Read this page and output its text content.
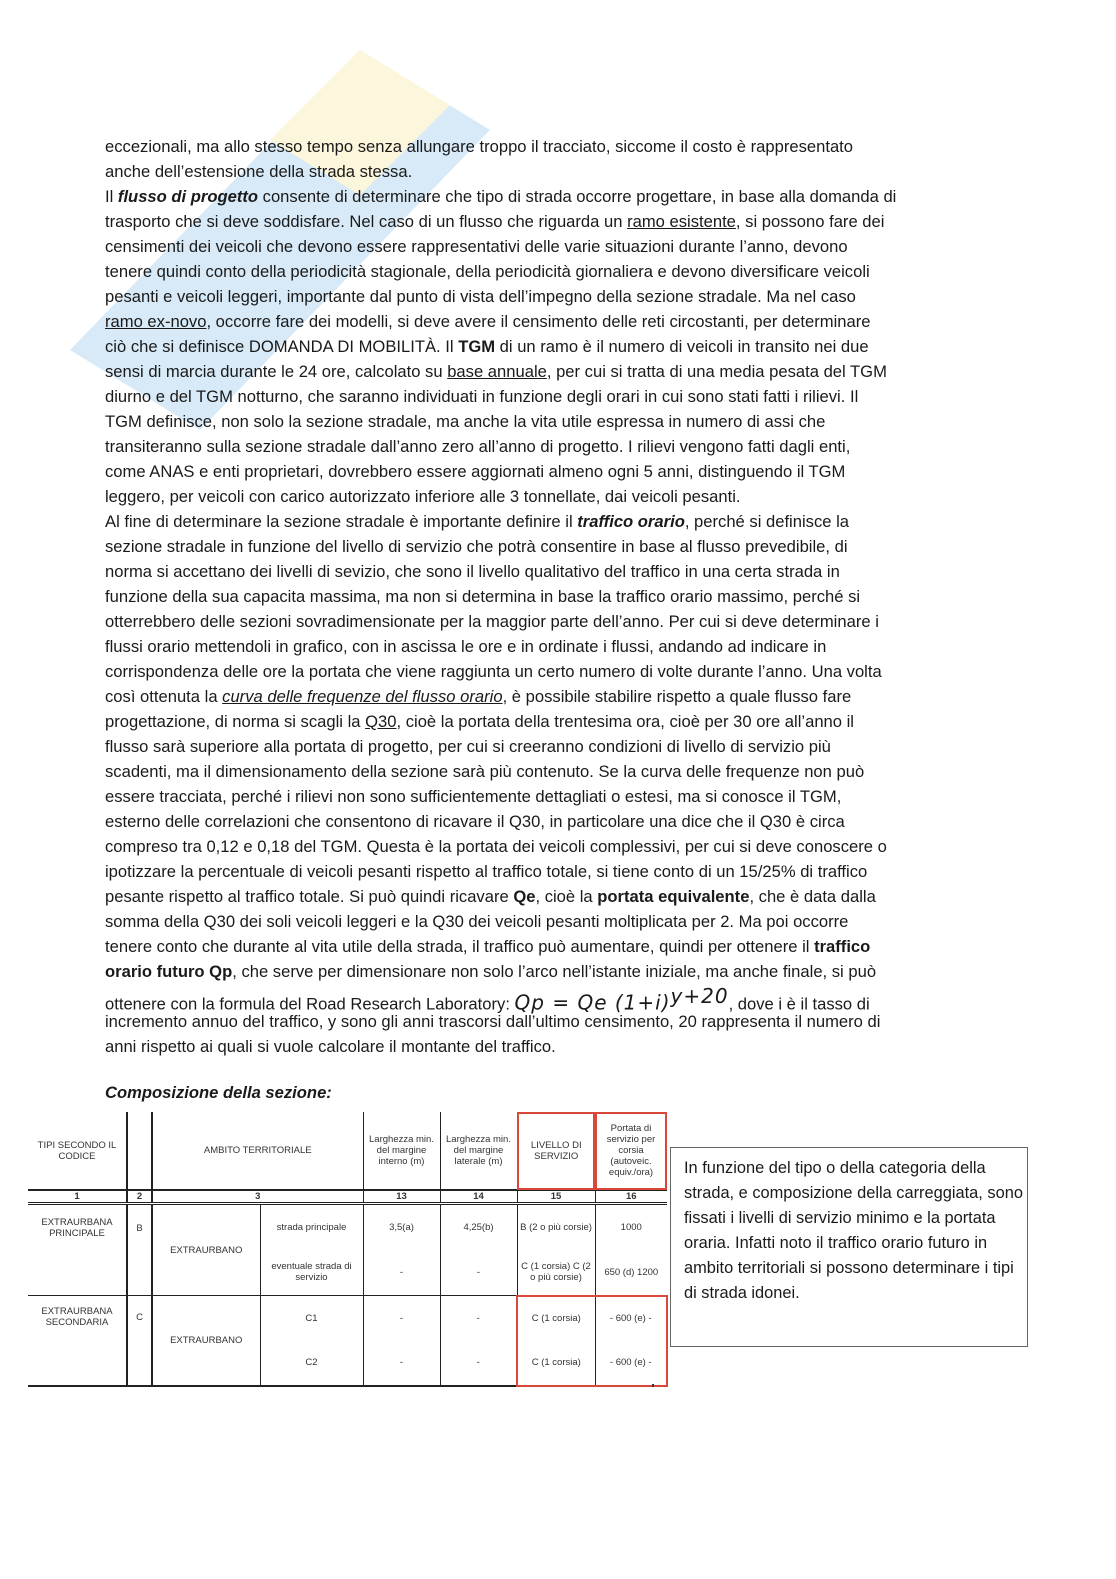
eccezionali, ma allo stesso tempo senza allungare troppo il tracciato, siccome il costo è rappresentato
anche dell’estensione della strada stessa.
Il flusso di progetto consente di determinare che tipo di strada occorre progettare, in base alla domanda di
trasporto che si deve soddisfare. Nel caso di un flusso che riguarda un ramo esistente, si possono fare dei
censimenti dei veicoli che devono essere rappresentativi delle varie situazioni durante l’anno, devono
tenere quindi conto della periodicità stagionale, della periodicità giornaliera e devono diversificare veicoli
pesanti e veicoli leggeri, importante dal punto di vista dell’impegno della sezione stradale. Ma nel caso
ramo ex-novo, occorre fare dei modelli, si deve avere il censimento delle reti circostanti, per determinare
ciò che si definisce DOMANDA DI MOBILITÀ. Il TGM di un ramo è il numero di veicoli in transito nei due
sensi di marcia durante le 24 ore, calcolato su base annuale, per cui si tratta di una media pesata del TGM
diurno e del TGM notturno, che saranno individuati in funzione degli orari in cui sono stati fatti i rilievi. Il
TGM definisce, non solo la sezione stradale, ma anche la vita utile espressa in numero di assi che
transiteranno sulla sezione stradale dall’anno zero all’anno di progetto. I rilievi vengono fatti dagli enti,
come ANAS e enti proprietari, dovrebbero essere aggiornati almeno ogni 5 anni, distinguendo il TGM
leggero, per veicoli con carico autorizzato inferiore alle 3 tonnellate, dai veicoli pesanti.
Al fine di determinare la sezione stradale è importante definire il traffico orario, perché si definisce la
sezione stradale in funzione del livello di servizio che potrà consentire in base al flusso prevedibile, di
norma si accettano dei livelli di sevizio, che sono il livello qualitativo del traffico in una certa strada in
funzione della sua capacita massima, ma non si determina in base la traffico orario massimo, perché si
otterrebbero delle sezioni sovradimensionate per la maggior parte dell’anno. Per cui si deve determinare i
flussi orario mettendoli in grafico, con in ascissa le ore e in ordinate i flussi, andando ad indicare in
corrispondenza delle ore la portata che viene raggiunta un certo numero di volte durante l’anno. Una volta
così ottenuta la curva delle frequenze del flusso orario, è possibile stabilire rispetto a quale flusso fare
progettazione, di norma si scagli la Q30, cioè la portata della trentesima ora, cioè per 30 ore all’anno il
flusso sarà superiore alla portata di progetto, per cui si creeranno condizioni di livello di servizio più
scadenti, ma il dimensionamento della sezione sarà più contenuto. Se la curva delle frequenze non può
essere tracciata, perché i rilievi non sono sufficientemente dettagliati o estesi, ma si conosce il TGM,
esterno delle correlazioni che consentono di ricavare il Q30, in particolare una dice che il Q30 è circa
compreso tra 0,12 e 0,18 del TGM. Questa è la portata dei veicoli complessivi, per cui si deve conoscere o
ipotizzare la percentuale di veicoli pesanti rispetto al traffico totale, si tiene conto di un 15/25% di traffico
pesante rispetto al traffico totale. Si può quindi ricavare Qe, cioè la portata equivalente, che è data dalla
somma della Q30 dei soli veicoli leggeri e la Q30 dei veicoli pesanti moltiplicata per 2. Ma poi occorre
tenere conto che durante al vita utile della strada, il traffico può aumentare, quindi per ottenere il traffico
orario futuro Qp, che serve per dimensionare non solo l’arco nell’istante iniziale, ma anche finale, si può
ottenere con la formula del Road Research Laboratory: Qp = Qe $(1+i)^{y+20}$, dove i è il tasso di
incremento annuo del traffico, y sono gli anni trascorsi dall’ultimo censimento, 20 rappresenta il numero di
anni rispetto ai quali si vuole calcolare il montante del traffico.
Composizione della sezione:
TIPI SECONDO IL CODICE		AMBITO TERRITORIALE		Larghezza min. del margine interno (m)	Larghezza min. del margine laterale (m)	LIVELLO DI SERVIZIO	Portata di servizio per corsia (autoveic. equiv./ora)
1	2	3		13	14	15	16
EXTRAURBANA PRINCIPALE	B	EXTRAURBANO	strada principale	3,5(a)	4,25(b)	B (2 o più corsie)	1000
			eventuale strada di servizio	-	-	C (1 corsia) C (2 o più corsie)	650 (d) 1200
EXTRAURBANA SECONDARIA	C	EXTRAURBANO	C1	-	-	C (1 corsia)	- 600 (e) -
			C2	-	-	C (1 corsia)	- 600 (e) -
In funzione del tipo o della categoria della strada, e composizione della carreggiata, sono fissati i livelli di servizio minimo e la portata oraria. Infatti noto il traffico orario futuro in ambito territoriali si possono determinare i tipi di strada idonei.
